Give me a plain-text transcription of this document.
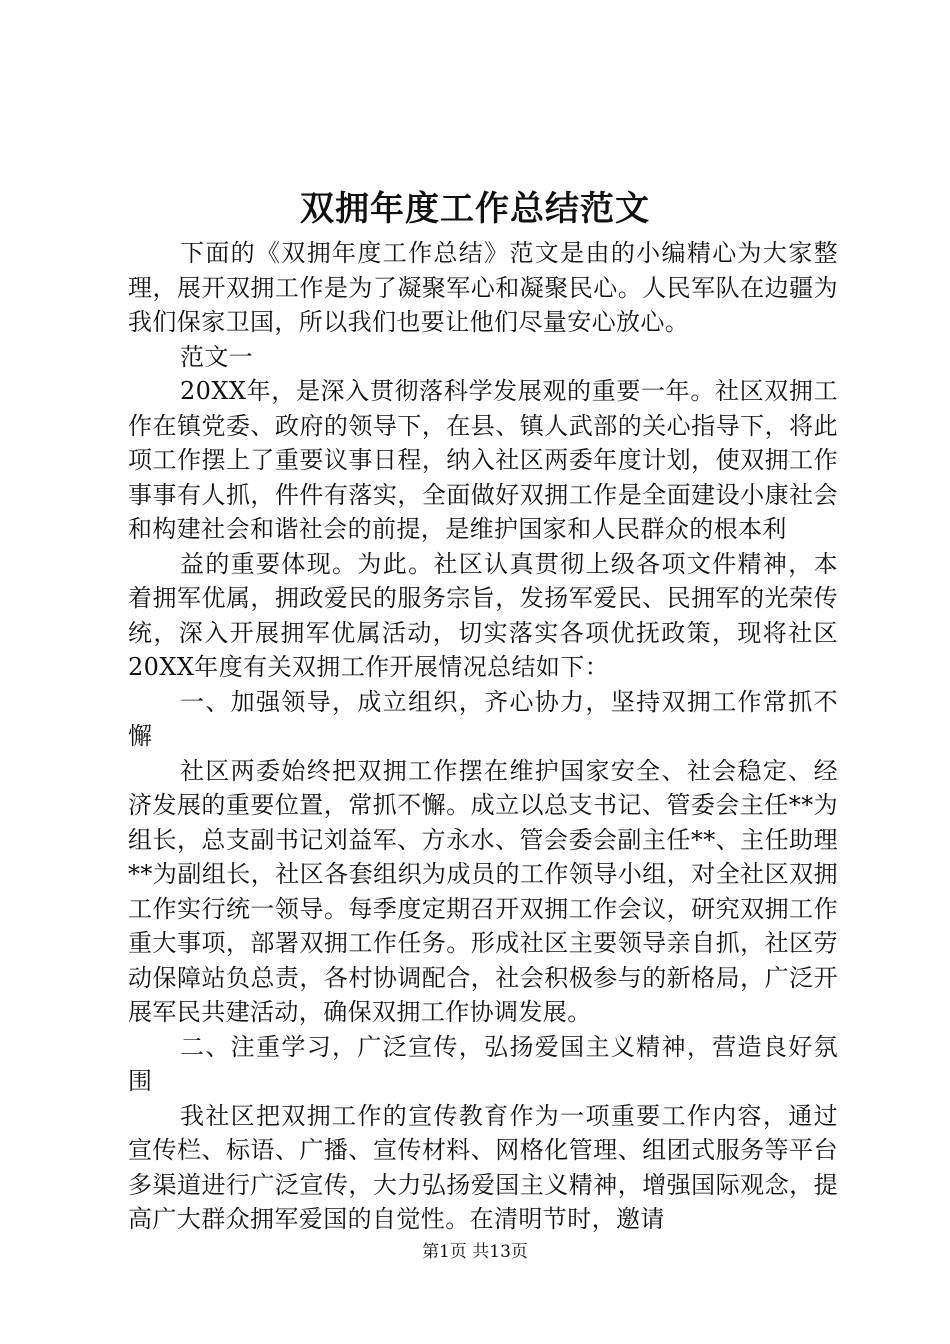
双拥年度工作总结范文

下面的《双拥年度工作总结》范文是由的小编精心为大家整理，展开双拥工作是为了凝聚军心和凝聚民心。人民军队在边疆为我们保家卫国，所以我们也要让他们尽量安心放心。

范文一

20XX年，是深入贯彻落科学发展观的重要一年。社区双拥工作在镇党委、政府的领导下，在县、镇人武部的关心指导下，将此项工作摆上了重要议事日程，纳入社区两委年度计划，使双拥工作事事有人抓，件件有落实，全面做好双拥工作是全面建设小康社会和构建社会和谐社会的前提，是维护国家和人民群众的根本利

益的重要体现。为此。社区认真贯彻上级各项文件精神，本着拥军优属，拥政爱民的服务宗旨，发扬军爱民、民拥军的光荣传统，深入开展拥军优属活动，切实落实各项优抚政策，现将社区20XX年度有关双拥工作开展情况总结如下：

一、加强领导，成立组织，齐心协力，坚持双拥工作常抓不懈

社区两委始终把双拥工作摆在维护国家安全、社会稳定、经济发展的重要位置，常抓不懈。成立以总支书记、管委会主任**为组长，总支副书记刘益军、方永水、管会委会副主任**、主任助理**为副组长，社区各套组织为成员的工作领导小组，对全社区双拥工作实行统一领导。每季度定期召开双拥工作会议，研究双拥工作重大事项，部署双拥工作任务。形成社区主要领导亲自抓，社区劳动保障站负总责，各村协调配合，社会积极参与的新格局，广泛开展军民共建活动，确保双拥工作协调发展。

二、注重学习，广泛宣传，弘扬爱国主义精神，营造良好氛围

我社区把双拥工作的宣传教育作为一项重要工作内容，通过宣传栏、标语、广播、宣传材料、网格化管理、组团式服务等平台多渠道进行广泛宣传，大力弘扬爱国主义精神，增强国际观念，提高广大群众拥军爱国的自觉性。在清明节时，邀请

第1页 共13页
